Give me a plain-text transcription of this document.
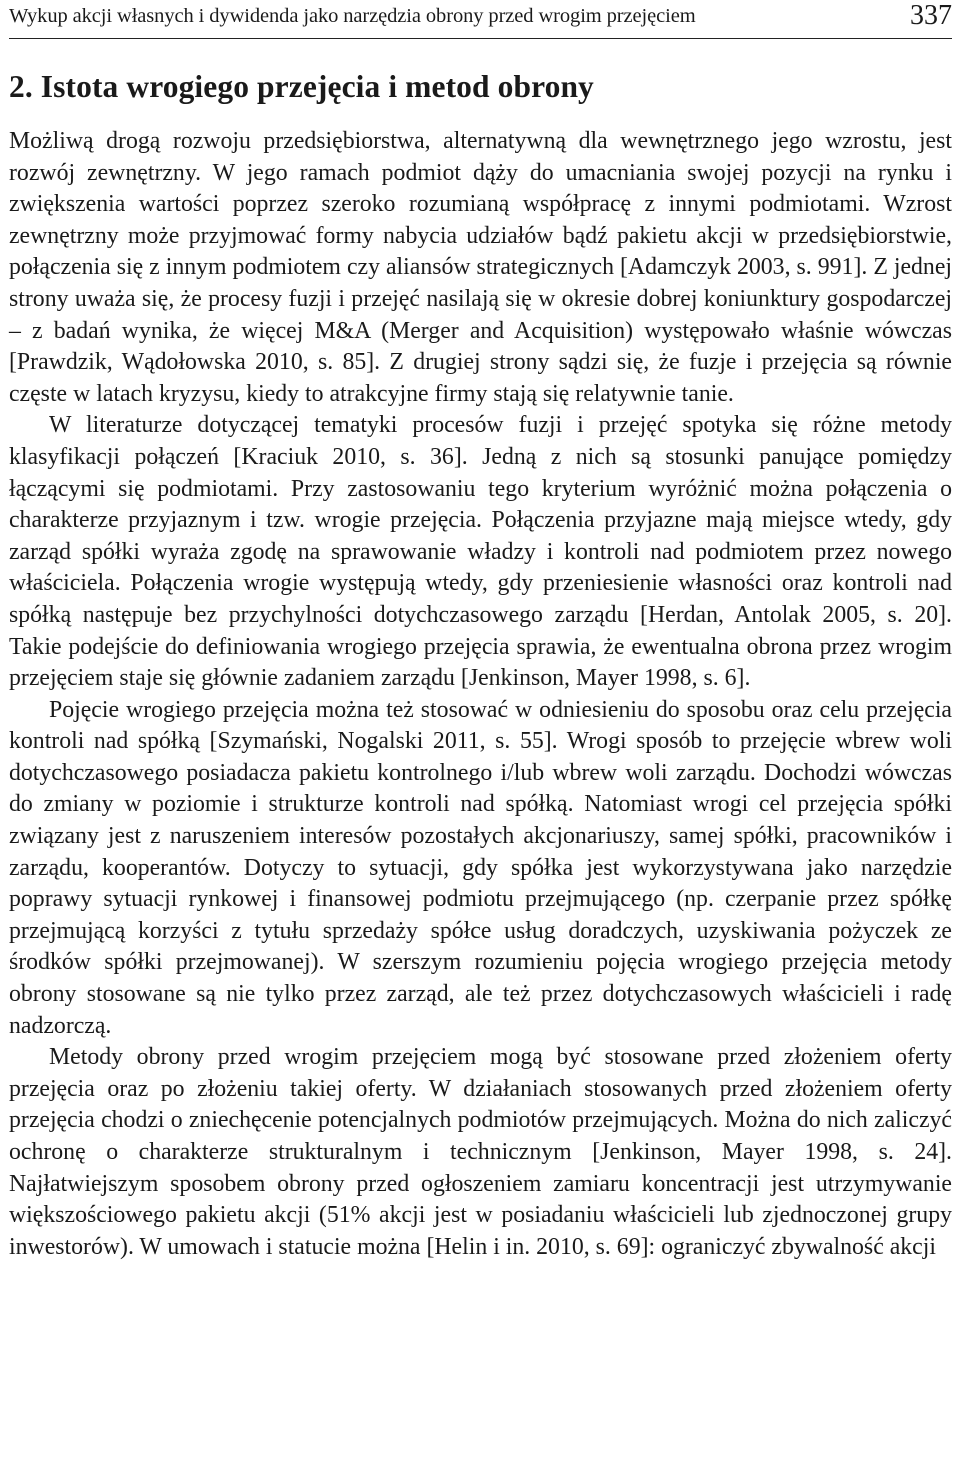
Wykup akcji własnych i dywidenda jako narzędzia obrony przed wrogim przejęciem	337
2. Istota wrogiego przejęcia i metod obrony

Możliwą drogą rozwoju przedsiębiorstwa, alternatywną dla wewnętrznego jego wzrostu, jest rozwój zewnętrzny. W jego ramach podmiot dąży do umacniania swojej pozycji na rynku i zwiększenia wartości poprzez szeroko rozumianą współpracę z innymi podmiotami. Wzrost zewnętrzny może przyjmować formy nabycia udziałów bądź pakietu akcji w przedsiębiorstwie, połączenia się z innym podmiotem czy aliansów strategicznych [Adamczyk 2003, s. 991]. Z jednej strony uważa się, że procesy fuzji i przejęć nasilają się w okresie dobrej koniunktury gospodarczej – z badań wynika, że więcej M&A (Merger and Acquisition) występowało właśnie wówczas [Prawdzik, Wądołowska 2010, s. 85]. Z drugiej strony sądzi się, że fuzje i przejęcia są równie częste w latach kryzysu, kiedy to atrakcyjne firmy stają się relatywnie tanie.

W literaturze dotyczącej tematyki procesów fuzji i przejęć spotyka się różne metody klasyfikacji połączeń [Kraciuk 2010, s. 36]. Jedną z nich są stosunki panujące pomiędzy łączącymi się podmiotami. Przy zastosowaniu tego kryterium wyróżnić można połączenia o charakterze przyjaznym i tzw. wrogie przejęcia. Połączenia przyjazne mają miejsce wtedy, gdy zarząd spółki wyraża zgodę na sprawowanie władzy i kontroli nad podmiotem przez nowego właściciela. Połączenia wrogie występują wtedy, gdy przeniesienie własności oraz kontroli nad spółką następuje bez przychylności dotychczasowego zarządu [Herdan, Antolak 2005, s. 20]. Takie podejście do definiowania wrogiego przejęcia sprawia, że ewentualna obrona przez wrogim przejęciem staje się głównie zadaniem zarządu [Jenkinson, Mayer 1998, s. 6].

Pojęcie wrogiego przejęcia można też stosować w odniesieniu do sposobu oraz celu przejęcia kontroli nad spółką [Szymański, Nogalski 2011, s. 55]. Wrogi sposób to przejęcie wbrew woli dotychczasowego posiadacza pakietu kontrolnego i/lub wbrew woli zarządu. Dochodzi wówczas do zmiany w poziomie i strukturze kontroli nad spółką. Natomiast wrogi cel przejęcia spółki związany jest z naruszeniem interesów pozostałych akcjonariuszy, samej spółki, pracowników i zarządu, kooperantów. Dotyczy to sytuacji, gdy spółka jest wykorzystywana jako narzędzie poprawy sytuacji rynkowej i finansowej podmiotu przejmującego (np. czerpanie przez spółkę przejmującą korzyści z tytułu sprzedaży spółce usług doradczych, uzyskiwania pożyczek ze środków spółki przejmowanej). W szerszym rozumieniu pojęcia wrogiego przejęcia metody obrony stosowane są nie tylko przez zarząd, ale też przez dotychczasowych właścicieli i radę nadzorczą.

Metody obrony przed wrogim przejęciem mogą być stosowane przed złożeniem oferty przejęcia oraz po złożeniu takiej oferty. W działaniach stosowanych przed złożeniem oferty przejęcia chodzi o zniechęcenie potencjalnych podmiotów przejmujących. Można do nich zaliczyć ochronę o charakterze strukturalnym i technicznym [Jenkinson, Mayer 1998, s. 24]. Najłatwiejszym sposobem obrony przed ogłoszeniem zamiaru koncentracji jest utrzymywanie większościowego pakietu akcji (51% akcji jest w posiadaniu właścicieli lub zjednoczonej grupy inwestorów). W umowach i statucie można [Helin i in. 2010, s. 69]: ograniczyć zbywalność akcji
